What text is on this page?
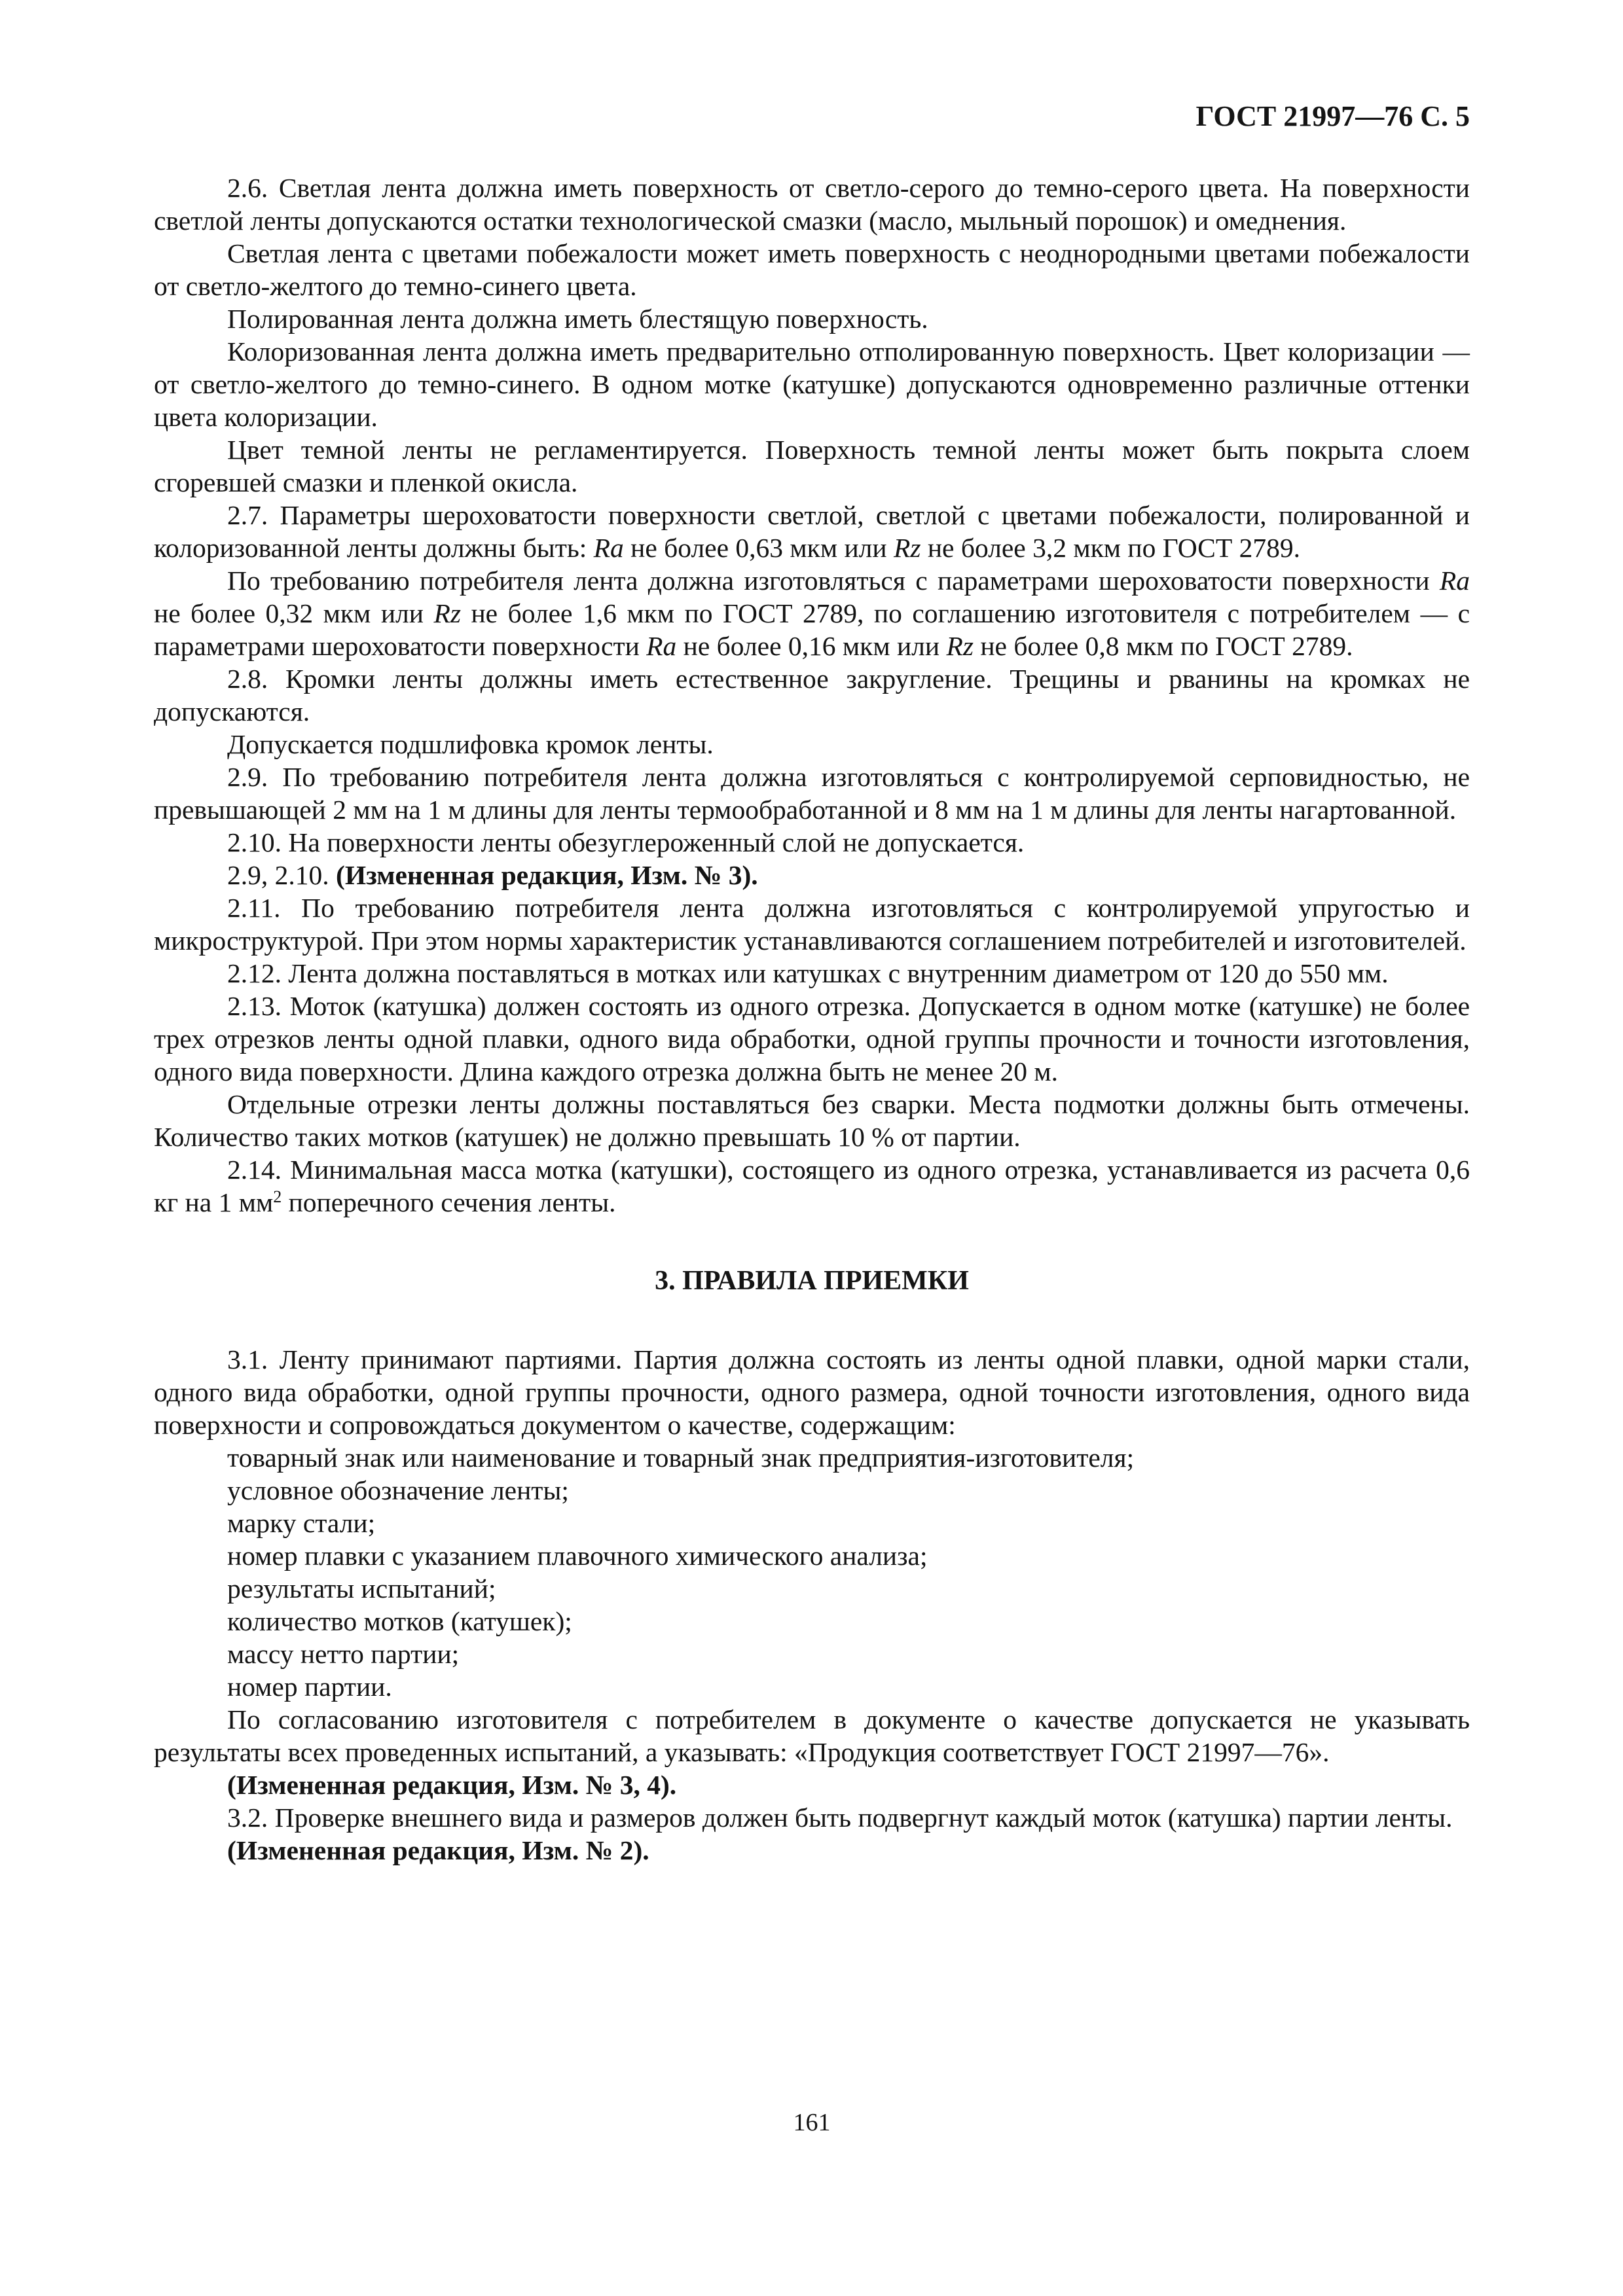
ГОСТ 21997—76 С. 5

2.6. Светлая лента должна иметь поверхность от светло-серого до темно-серого цвета. На поверхности светлой ленты допускаются остатки технологической смазки (масло, мыльный порошок) и омеднения.

Светлая лента с цветами побежалости может иметь поверхность с неоднородными цветами побежалости от светло-желтого до темно-синего цвета.

Полированная лента должна иметь блестящую поверхность.

Колоризованная лента должна иметь предварительно отполированную поверхность. Цвет колоризации — от светло-желтого до темно-синего. В одном мотке (катушке) допускаются одновременно различные оттенки цвета колоризации.

Цвет темной ленты не регламентируется. Поверхность темной ленты может быть покрыта слоем сгоревшей смазки и пленкой окисла.

2.7. Параметры шероховатости поверхности светлой, светлой с цветами побежалости, полированной и колоризованной ленты должны быть: Ra не более 0,63 мкм или Rz не более 3,2 мкм по ГОСТ 2789.

По требованию потребителя лента должна изготовляться с параметрами шероховатости поверхности Ra не более 0,32 мкм или Rz не более 1,6 мкм по ГОСТ 2789, по соглашению изготовителя с потребителем — с параметрами шероховатости поверхности Ra не более 0,16 мкм или Rz не более 0,8 мкм по ГОСТ 2789.

2.8. Кромки ленты должны иметь естественное закругление. Трещины и рванины на кромках не допускаются.

Допускается подшлифовка кромок ленты.

2.9. По требованию потребителя лента должна изготовляться с контролируемой серповидностью, не превышающей 2 мм на 1 м длины для ленты термообработанной и 8 мм на 1 м длины для ленты нагартованной.

2.10. На поверхности ленты обезуглероженный слой не допускается.

2.9, 2.10. (Измененная редакция, Изм. № 3).

2.11. По требованию потребителя лента должна изготовляться с контролируемой упругостью и микроструктурой. При этом нормы характеристик устанавливаются соглашением потребителей и изготовителей.

2.12. Лента должна поставляться в мотках или катушках с внутренним диаметром от 120 до 550 мм.

2.13. Моток (катушка) должен состоять из одного отрезка. Допускается в одном мотке (катушке) не более трех отрезков ленты одной плавки, одного вида обработки, одной группы прочности и точности изготовления, одного вида поверхности. Длина каждого отрезка должна быть не менее 20 м.

Отдельные отрезки ленты должны поставляться без сварки. Места подмотки должны быть отмечены. Количество таких мотков (катушек) не должно превышать 10 % от партии.

2.14. Минимальная масса мотка (катушки), состоящего из одного отрезка, устанавливается из расчета 0,6 кг на 1 $мм^2$ поперечного сечения ленты.

3. ПРАВИЛА ПРИЕМКИ

3.1. Ленту принимают партиями. Партия должна состоять из ленты одной плавки, одной марки стали, одного вида обработки, одной группы прочности, одного размера, одной точности изготовления, одного вида поверхности и сопровождаться документом о качестве, содержащим:

товарный знак или наименование и товарный знак предприятия-изготовителя;

условное обозначение ленты;

марку стали;

номер плавки с указанием плавочного химического анализа;

результаты испытаний;

количество мотков (катушек);

массу нетто партии;

номер партии.

По согласованию изготовителя с потребителем в документе о качестве допускается не указывать результаты всех проведенных испытаний, а указывать: «Продукция соответствует ГОСТ 21997—76».

(Измененная редакция, Изм. № 3, 4).

3.2. Проверке внешнего вида и размеров должен быть подвергнут каждый моток (катушка) партии ленты.

(Измененная редакция, Изм. № 2).

161
